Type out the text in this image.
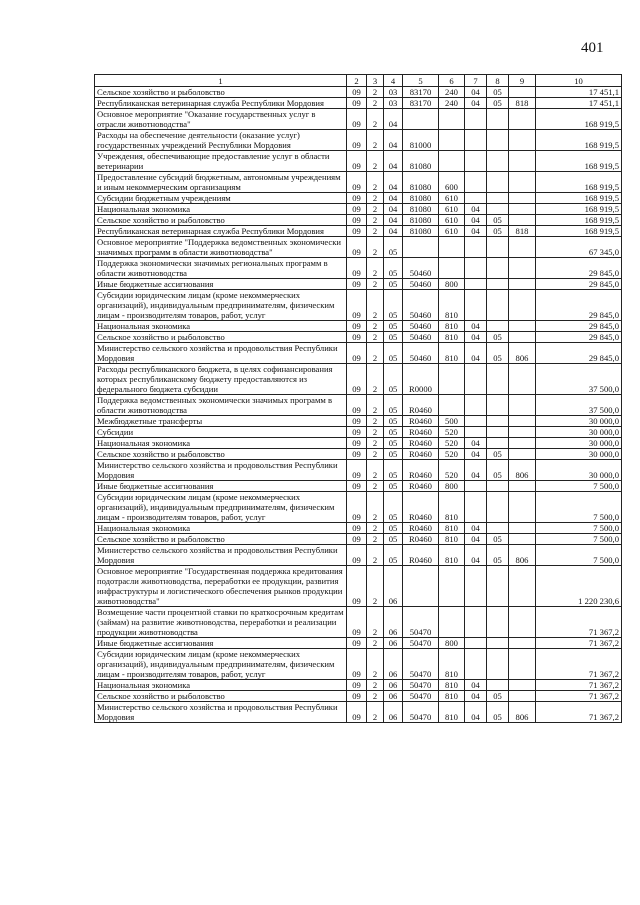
401
1	2	3	4	5	6	7	8	9	10
Сельское хозяйство и рыболовство	09	2	03	83170	240	04	05		17 451,1
Республиканская ветеринарная служба Республики Мордовия	09	2	03	83170	240	04	05	818	17 451,1
Основное мероприятие "Оказание государственных услуг в отрасли животноводства"	09	2	04						168 919,5
Расходы на обеспечение деятельности (оказание услуг) государственных учреждений Республики Мордовия	09	2	04	81000					168 919,5
Учреждения, обеспечивающие предоставление услуг в области ветеринарии	09	2	04	81080					168 919,5
Предоставление субсидий бюджетным, автономным учреждениям и иным некоммерческим организациям	09	2	04	81080	600				168 919,5
Субсидии бюджетным учреждениям	09	2	04	81080	610				168 919,5
Национальная экономика	09	2	04	81080	610	04			168 919,5
Сельское хозяйство и рыболовство	09	2	04	81080	610	04	05		168 919,5
Республиканская ветеринарная служба Республики Мордовия	09	2	04	81080	610	04	05	818	168 919,5
Основное мероприятие "Поддержка ведомственных экономически значимых программ в области животноводства"	09	2	05						67 345,0
Поддержка экономически значимых региональных программ в области животноводства	09	2	05	50460					29 845,0
Иные бюджетные ассигнования	09	2	05	50460	800				29 845,0
Субсидии юридическим лицам (кроме некоммерческих организаций), индивидуальным предпринимателям, физическим лицам - производителям товаров, работ, услуг	09	2	05	50460	810				29 845,0
Национальная экономика	09	2	05	50460	810	04			29 845,0
Сельское хозяйство и рыболовство	09	2	05	50460	810	04	05		29 845,0
Министерство сельского хозяйства и продовольствия Республики Мордовия	09	2	05	50460	810	04	05	806	29 845,0
Расходы республиканского бюджета, в целях софинансирования которых республиканскому бюджету предоставляются из федерального бюджета субсидии	09	2	05	R0000					37 500,0
Поддержка ведомственных экономически значимых программ в области животноводства	09	2	05	R0460					37 500,0
Межбюджетные трансферты	09	2	05	R0460	500				30 000,0
Субсидии	09	2	05	R0460	520				30 000,0
Национальная экономика	09	2	05	R0460	520	04			30 000,0
Сельское хозяйство и рыболовство	09	2	05	R0460	520	04	05		30 000,0
Министерство сельского хозяйства и продовольствия Республики Мордовия	09	2	05	R0460	520	04	05	806	30 000,0
Иные бюджетные ассигнования	09	2	05	R0460	800				7 500,0
Субсидии юридическим лицам (кроме некоммерческих организаций), индивидуальным предпринимателям, физическим лицам - производителям товаров, работ, услуг	09	2	05	R0460	810				7 500,0
Национальная экономика	09	2	05	R0460	810	04			7 500,0
Сельское хозяйство и рыболовство	09	2	05	R0460	810	04	05		7 500,0
Министерство сельского хозяйства и продовольствия Республики Мордовия	09	2	05	R0460	810	04	05	806	7 500,0
Основное мероприятие "Государственная поддержка кредитования подотрасли животноводства, переработки ее продукции, развития инфраструктуры и логистического обеспечения рынков продукции животноводства"	09	2	06						1 220 230,6
Возмещение части процентной ставки по краткосрочным кредитам (займам) на развитие животноводства, переработки и реализации продукции животноводства	09	2	06	50470					71 367,2
Иные бюджетные ассигнования	09	2	06	50470	800				71 367,2
Субсидии юридическим лицам (кроме некоммерческих организаций), индивидуальным предпринимателям, физическим лицам - производителям товаров, работ, услуг	09	2	06	50470	810				71 367,2
Национальная экономика	09	2	06	50470	810	04			71 367,2
Сельское хозяйство и рыболовство	09	2	06	50470	810	04	05		71 367,2
Министерство сельского хозяйства и продовольствия Республики Мордовия	09	2	06	50470	810	04	05	806	71 367,2
